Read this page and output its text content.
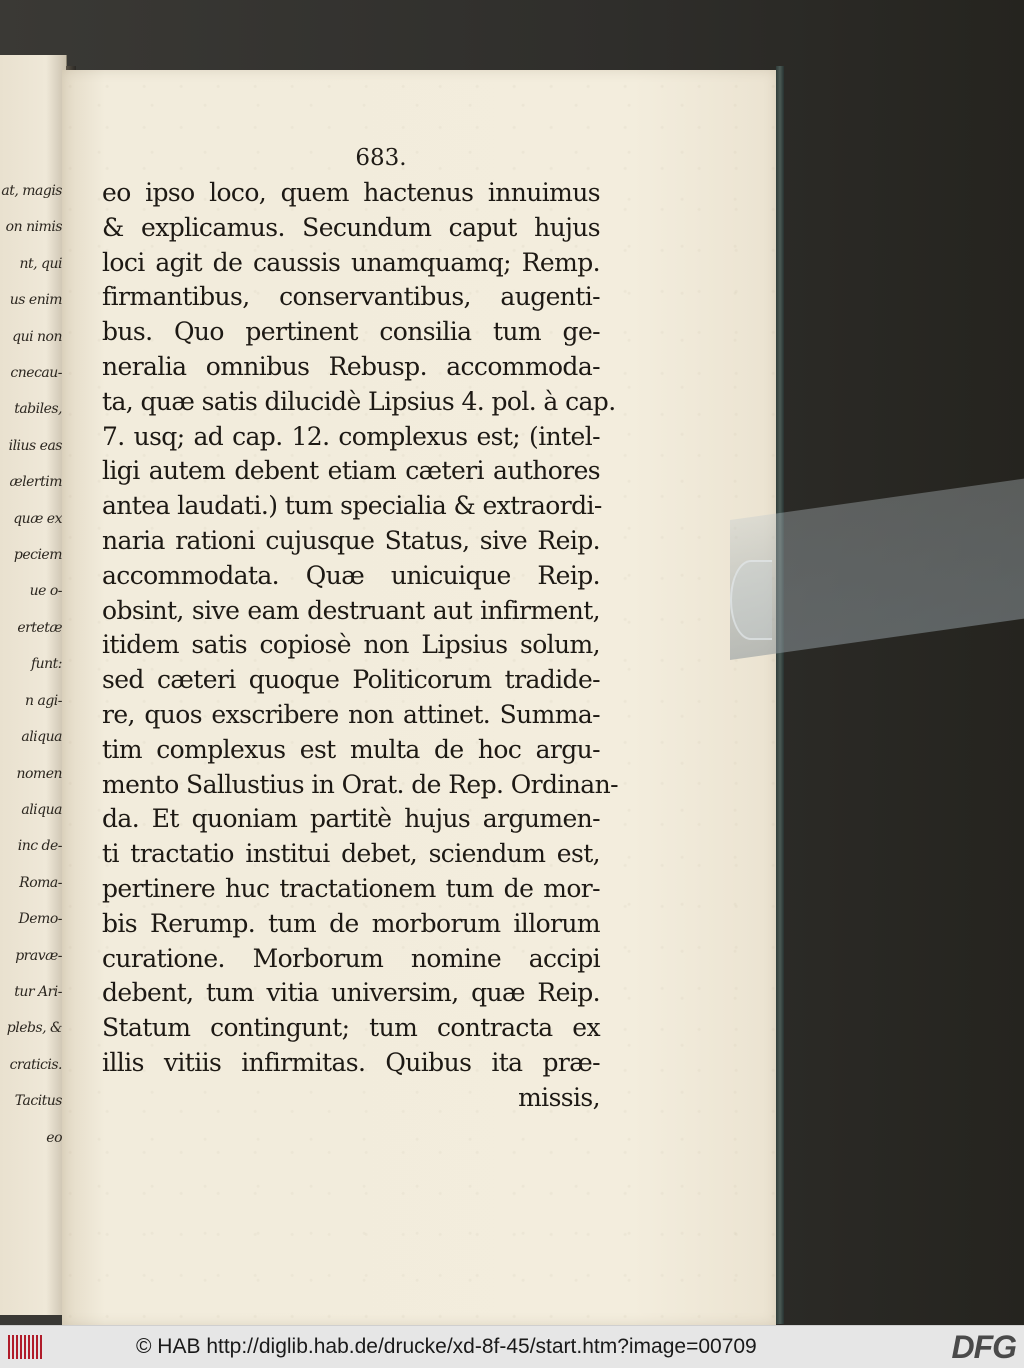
at, magis
on nimis
nt, qui
us enim
qui non
cnecau-
tabiles,
ilius eas
ælertim
quæ ex
peciem
ue o-
ertetæ
funt:
n agi-
aliqua
nomen
aliqua
inc de-
Roma-
Demo-
pravæ-
tur Ari-
plebs, &
craticis.
Tacitus
eo
683.
eo ipso loco, quem hactenus innuimus
& explicamus. Secundum caput hujus
loci agit de caussis unamquamq; Remp.
firmantibus, conservantibus, augenti-
bus. Quo pertinent consilia tum ge-
neralia omnibus Rebusp. accommoda-
ta, quæ satis dilucidè Lipsius 4. pol. à cap.
7. usq; ad cap. 12. complexus est; (intel-
ligi autem debent etiam cæteri authores
antea laudati.) tum specialia & extraordi-
naria rationi cujusque Status, sive Reip.
accommodata. Quæ unicuique Reip.
obsint, sive eam destruant aut infirment,
itidem satis copiosè non Lipsius solum,
sed cæteri quoque Politicorum tradide-
re, quos exscribere non attinet. Summa-
tim complexus est multa de hoc argu-
mento Sallustius in Orat. de Rep. Ordinan-
da. Et quoniam partitè hujus argumen-
ti tractatio institui debet, sciendum est,
pertinere huc tractationem tum de mor-
bis Rerump. tum de morborum illorum
curatione. Morborum nomine accipi
debent, tum vitia universim, quæ Reip.
Statum contingunt; tum contracta ex
illis vitiis infirmitas. Quibus ita præ-
missis,
© HAB http://diglib.hab.de/drucke/xd-8f-45/start.htm?image=00709	DFG
